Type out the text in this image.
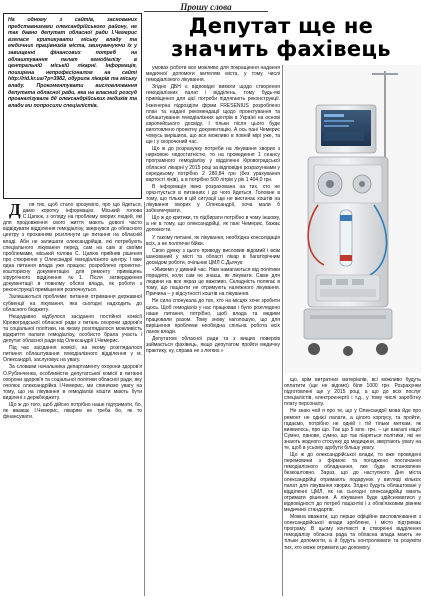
Прошу слова
На одному з сайтів, заснованих представниками олександрійського району, не так давно депутат обласної ради І.Чемерис взялася критикувати міську владу та медичних працівників міста, звинувачуючи їх у завищенні фінансових потреб на облаштування палат гемодіалізу в центральній міській лікарні. Інформація, поширена непрофесіоналом на сайті http://rid.kr.ua/?p=3982, обурила лікарів та міську владу. Прокоментувати висловлювання депутата обласної ради, яка на власний розсуд проаналізувала дії олександрійських медиків та влади ми попросили спеціалістів.
Депутат ще не значить фахівець

Д ля тих, щоб стало зрозуміло, про що йдеться, дамо коротку інформацію. Міський голова С.Цапюк, з огляду на проблему хворих людей, які для продовження свого життя мають доволі часто відвідувати відділення гемодіалізу, звернувся до обласного центру з проханням розглянути це питання на обласній владі. Аби не залишати олександрійців, які потребують спеціального лікування перед, сам на сам зі своїми проблемами, міський голова С. Цапюк прийняв рішення про створення у Олександрії гемодіалізного центру. І вже одна питання влада уже працює: розроблено проектно-кошторисну документацію для ремонту приміщень хірургічного відділення №1. Після затвердження документації в повному обсязі влада, як роботи з реконструкції приміщення розпочнуться.

Залишаються проблеми: питання отримання державної субвенції на лікування, яка сьогодні надходить до обласного бюджету.

Нещодавно відбулося засідання постійної комісії Кіровоградської обласної ради з питань охорони здоров'я та соціальної політики, на якому розглядалося можливість відкриття палати гемодіалізу, особисто брала участь і депутат обласної ради від Олександрії І.Чемерис.

Під час засідання комісії, на якому розглядалося питання облаштування гемодіалізного відділення у м. Олександрії, заслуговує на увагу.

За словами начальника департаменту охорони здоров'я О.Рубинченка, особливістю депутатської комісії в питанні охорони здоров'я та соціальної політики обласної ради, яку очолює олександрійка І.Чемерис, ми спиняємо увагу на тому, що на лікування в гемодіалізі кошти мають бути виділені з держбюджету.

Що ж до того, щоб дійсно потрібно наше підтримати, бо, як вважає І.Чемерис, лікарям не треба бо, як то фінансувати.

умовах роботи все можливо для покращення надання медичної допомоги жителям міста, у тому числі гемодіалізного лікування.

Згідно ДБН є відповідні вимоги щодо створення гемодіалізних палат і відділень, тому будь-які приміщення для цієї потреби підлягають реконструкції. Інженерна підрозділи фірми FRESENIUS розроблено план та надані рекомендації щодо проектування та облаштування гемодіалізних центрів в Україні на основі європейського досвіду. І тільки після цього буде виготовлено проектну документацію. А ось пані Чемерис чомусь вирішила, що все можливо в повній мірі уже, та ще і у скорочений час.

Що ж до розрахунку потреби на лікування хворих з нирковою недостатністю, то на проведення 1 сеансу програмного гемодіалізу у відділенні Кіровоградської обласної лікарні у 2015 році за відповідні розрахунками у середньому потрібно 2 280,84 грн (без урахування вартості ліків), а в потрібно 500 літрів у рік 1 404,0 грн.

В інформація явно розрахована на тих, хто не орієнтується в питаннях і до чого йдеться. Головне в тому, що тільки в цій ситуації ще не вистачає коштів на лікування хворих у Олександрії, хоча мали б забезпечувати.

Що ж до критики, то підбирати потрібно в чому іншому, а не в тому, що олександрійці, як пані Чемерис, бажає допомогти.

У такому питанні, як лікування, необхідна консолідація всіх, а не політичні бійки.

Свою думку з цього приводу висловив відомий і всім шанований у місті та області лікар в багаторічним досвідом роботи, очільник ЦМЛ С.Дьячук:

«Живемо у дивний час. Нам намагаються від політики порадити, коли сам не знаєш, як лікувати. Саме для людини на все якраз це важливо. Складність полягає в тому, що пацієнти не отримують належного лікування. Причина – у відсутності коштів на лікування.

Не сила спонукала до тих, хто на місцях хоче зробити щось. Щоб гемодіаліз у нас працював і було розглядено наше питання, потрібно, щоб влада та медики працювали разом. Тому знову наголошую, що для вирішення проблеми необхідна спільна робота всіх ланок влади.

Депутатом обласної ради та з вищих поверхів займається фахівець, якщо депутатом пройти медичну практику, ну, справа не з легких.»

що, крім витратних матеріалів, всі можливо будуть оплатити (ще не відомо) біля 1000 грн. Розрахунки підготовлені ще у 2015 році, а що до всіх послуг спеціалістів, електроенергії і т.д., у тому числі заробітну плату персоналу.

Не знаю чей я про те, що у Олександрії мова йде про ремонт не однієї палати, а цілого корпусу, та пройти, гадаємо, потрібно не одній і тій тільки меткам, як виявилось, про що. Так що 5 млн. грн. – це взагалі ніщо! Сумно, панове, сумно, що так піаряться політики, які не знають жодного стосунку до медицини, звертають увагу на те, щоб в усьому здобути більшу увагу.

Що ж до олександрійської влади, то вже проведені перемовини з фірмою та погоджено постачання гемодіалізного обладнання, яке буде встановлене безкоштовно. Зараз, що до наступного Дня міста олександрійці отримають подарунок у вигляді кількох палат для лікування хворих. Згідно будуть облаштовані у відділенні ЦМЛ, як на сьогодні олександрійці мають отримати рішення. А лікування буде здійснюватися у відповідності до потреб пацієнтів і з обов'язковим рівнем медичних стандартів.

Можна вважати, що перше офіційне висловлювання з олександрійської влади зроблене, і місто підтримає програму. В цьому контексті в створенні відділення гемодіалізу обласна рада та обласна влада мають не тільки допомогти, а й будуть контролювати та розуміти тих, хто може отримати цю допомогу.
